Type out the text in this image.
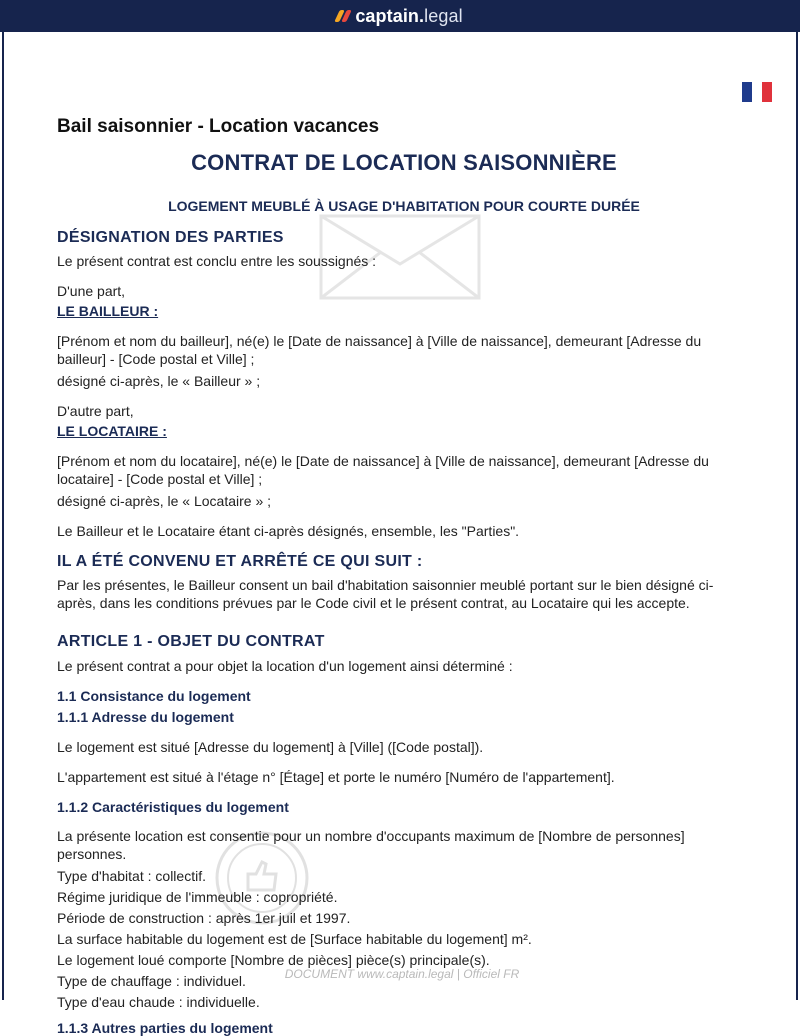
captain . legal
Bail saisonnier - Location vacances
CONTRAT DE LOCATION SAISONNIÈRE
LOGEMENT MEUBLÉ À USAGE D'HABITATION POUR COURTE DURÉE
DÉSIGNATION DES PARTIES

Le présent contrat est conclu entre les soussignés :

D'une part,

LE BAILLEUR :

[Prénom et nom du bailleur], né(e) le [Date de naissance] à [Ville de naissance], demeurant [Adresse du bailleur] - [Code postal et Ville] ;

désigné ci-après, le « Bailleur » ;

D'autre part,

LE LOCATAIRE :

[Prénom et nom du locataire], né(e) le [Date de naissance] à [Ville de naissance], demeurant [Adresse du locataire] - [Code postal et Ville] ;

désigné ci-après, le « Locataire » ;

Le Bailleur et le Locataire étant ci-après désignés, ensemble, les "Parties".

IL A ÉTÉ CONVENU ET ARRÊTÉ CE QUI SUIT :

Par les présentes, le Bailleur consent un bail d'habitation saisonnier meublé portant sur le bien désigné ci-après, dans les conditions prévues par le Code civil et le présent contrat, au Locataire qui les accepte.

ARTICLE 1 - OBJET DU CONTRAT

Le présent contrat a pour objet la location d'un logement ainsi déterminé :

1.1 Consistance du logement
1.1.1 Adresse du logement

Le logement est situé [Adresse du logement] à [Ville] ([Code postal]).

L'appartement est situé à l'étage n° [Étage] et porte le numéro [Numéro de l'appartement].

1.1.2 Caractéristiques du logement

La présente location est consentie pour un nombre d'occupants maximum de [Nombre de personnes] personnes.

Type d'habitat : collectif.
Régime juridique de l'immeuble : copropriété.
Période de construction : après 1er juil et 1997.
La surface habitable du logement est de [Surface habitable du logement] m².
Le logement loué comporte [Nombre de pièces] pièce(s) principale(s).
Type de chauffage : individuel.
Type d'eau chaude : individuelle.
1.1.3 Autres parties du logement
DOCUMENT www.captain.legal | Officiel FR
